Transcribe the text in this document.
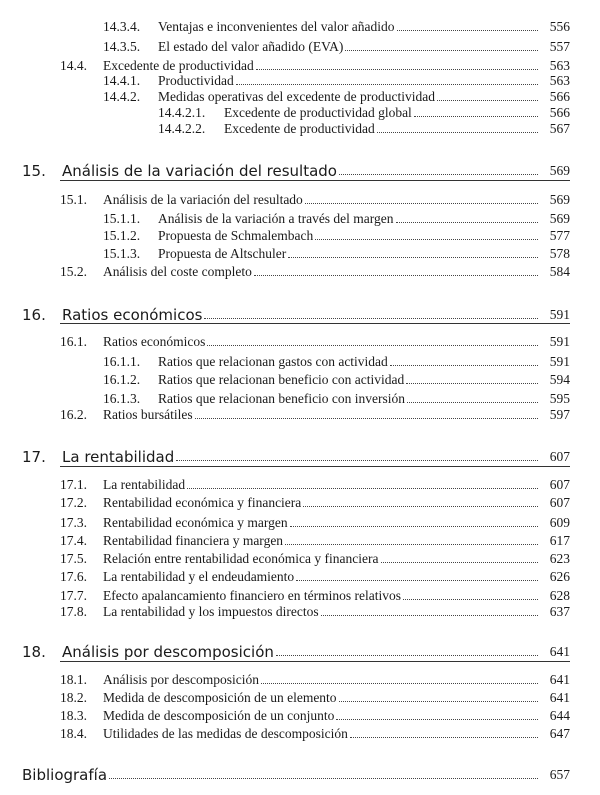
14.3.4. Ventajas e inconvenientes del valor añadido	556
14.3.5. El estado del valor añadido (EVA)	557
14.4. Excedente de productividad	563
14.4.1. Productividad	563
14.4.2. Medidas operativas del excedente de productividad	566
14.4.2.1. Excedente de productividad global	566
14.4.2.2. Excedente de productividad	567
15. Análisis de la variación del resultado	569
15.1. Análisis de la variación del resultado	569
15.1.1. Análisis de la variación a través del margen	569
15.1.2. Propuesta de Schmalembach	577
15.1.3. Propuesta de Altschuler	578
15.2. Análisis del coste completo	584
16. Ratios económicos	591
16.1. Ratios económicos	591
16.1.1. Ratios que relacionan gastos con actividad	591
16.1.2. Ratios que relacionan beneficio con actividad	594
16.1.3. Ratios que relacionan beneficio con inversión	595
16.2. Ratios bursátiles	597
17. La rentabilidad	607
17.1. La rentabilidad	607
17.2. Rentabilidad económica y financiera	607
17.3. Rentabilidad económica y margen	609
17.4. Rentabilidad financiera y margen	617
17.5. Relación entre rentabilidad económica y financiera	623
17.6. La rentabilidad y el endeudamiento	626
17.7. Efecto apalancamiento financiero en términos relativos	628
17.8. La rentabilidad y los impuestos directos	637
18. Análisis por descomposición	641
18.1. Análisis por descomposición	641
18.2. Medida de descomposición de un elemento	641
18.3. Medida de descomposición de un conjunto	644
18.4. Utilidades de las medidas de descomposición	647
Bibliografía	657
